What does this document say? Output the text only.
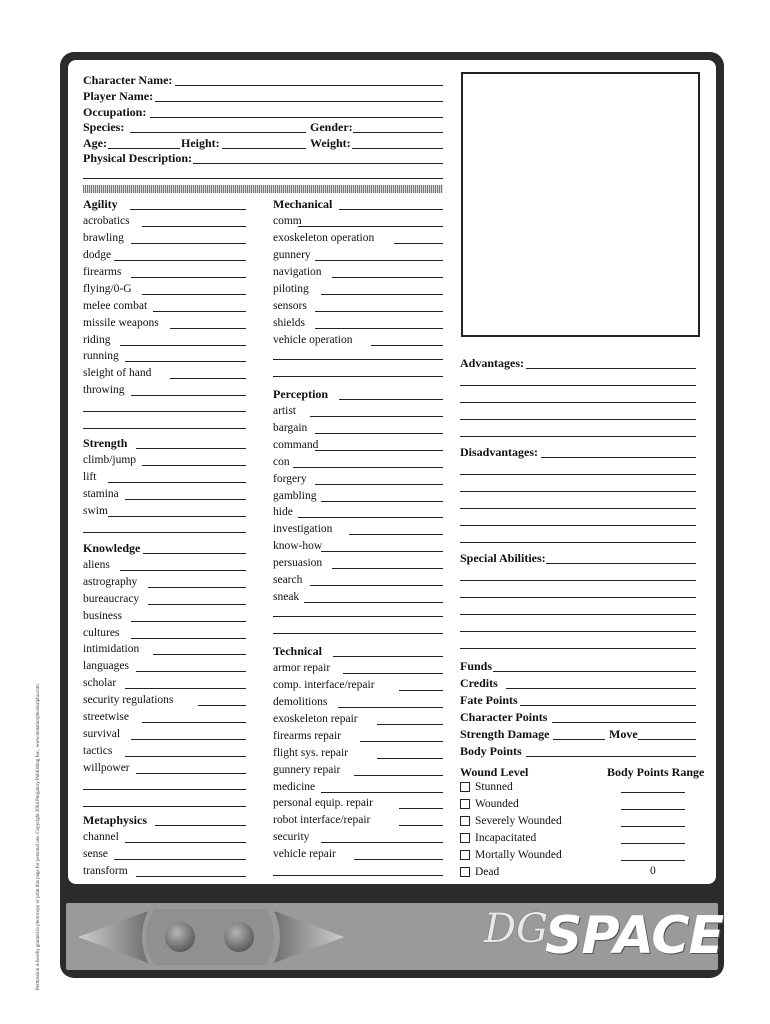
Character Name:
Player Name:
Occupation:
Species:	Gender:
Age:	Height:	Weight:
Physical Description:
Agility
acrobatics
brawling
dodge
firearms
flying/0-G
melee combat
missile weapons
riding
running
sleight of hand
throwing
Strength
climb/jump
lift
stamina
swim
Knowledge
aliens
astrography
bureaucracy
business
cultures
intimidation
languages
scholar
security regulations
streetwise
survival
tactics
willpower
Metaphysics
channel
sense
transform
Mechanical
comm
exoskeleton operation
gunnery
navigation
piloting
sensors
shields
vehicle operation
Perception
artist
bargain
command
con
forgery
gambling
hide
investigation
know-how
persuasion
search
sneak
Technical
armor repair
comp. interface/repair
demolitions
exoskeleton repair
firearms repair
flight sys. repair
gunnery repair
medicine
personal equip. repair
robot interface/repair
security
vehicle repair
Advantages:
Disadvantages:
Special Abilities:
Funds
Credits
Fate Points
Character Points
Strength Damage	Move
Body Points
Wound Level	Body Points Range
Stunned
Wounded
Severely Wounded
Incapacitated
Mortally Wounded
Dead	0
DG
SPACE
Permission is hereby granted to photocopy or print this page for personal use. Copyright 2004 Purgatory Publishing Inc., www.metamorphosisalpha.com
